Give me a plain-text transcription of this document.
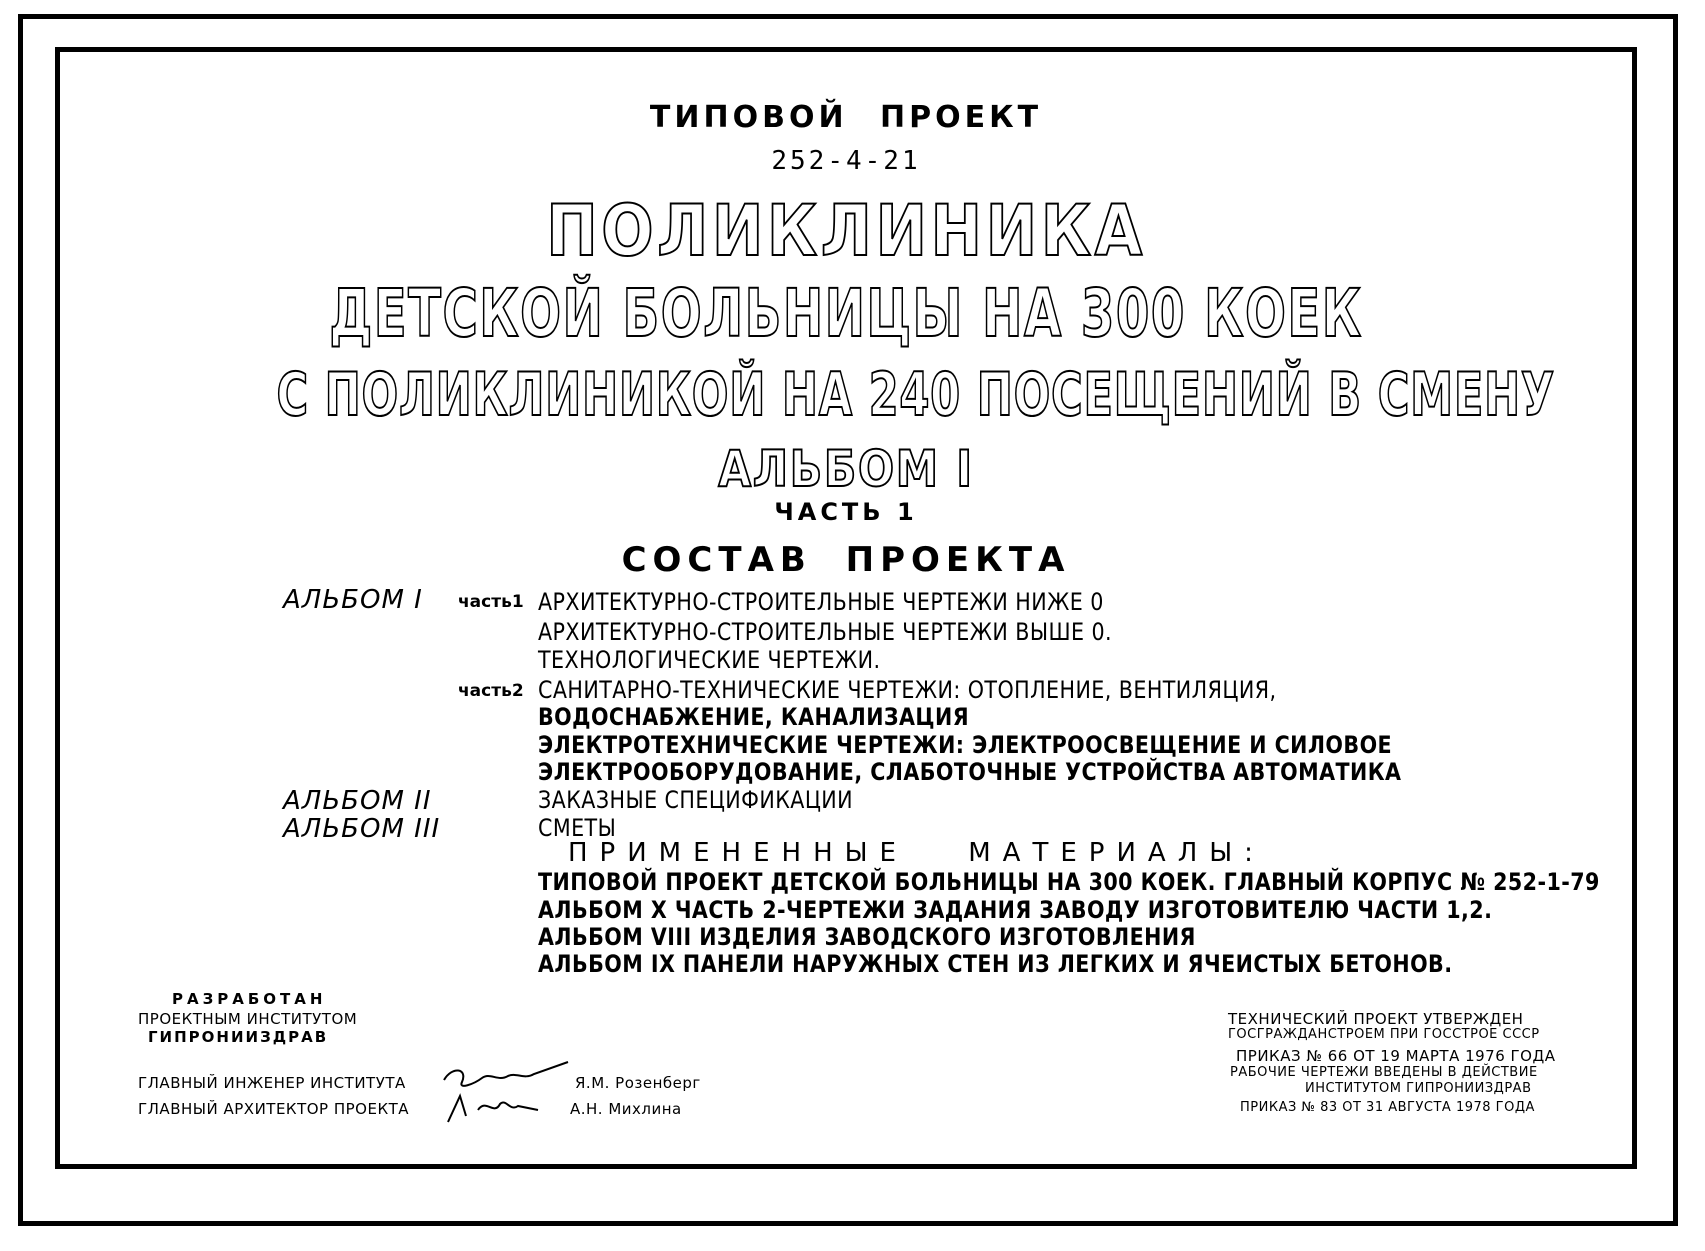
ТИПОВОЙ ПРОЕКТ
252-4-21
ПОЛИКЛИНИКА
ДЕТСКОЙ БОЛЬНИЦЫ НА 300 КОЕК
С ПОЛИКЛИНИКОЙ НА 240 ПОСЕЩЕНИЙ В СМЕНУ
АЛЬБОМ I
ЧАСТЬ 1
СОСТАВ ПРОЕКТА
АЛЬБОМ I часть1 АРХИТЕКТУРНО-СТРОИТЕЛЬНЫЕ ЧЕРТЕЖИ НИЖЕ 0
АРХИТЕКТУРНО-СТРОИТЕЛЬНЫЕ ЧЕРТЕЖИ ВЫШЕ 0.
ТЕХНОЛОГИЧЕСКИЕ ЧЕРТЕЖИ.
часть2 САНИТАРНО-ТЕХНИЧЕСКИЕ ЧЕРТЕЖИ: ОТОПЛЕНИЕ, ВЕНТИЛЯЦИЯ,
ВОДОСНАБЖЕНИЕ, КАНАЛИЗАЦИЯ
ЭЛЕКТРОТЕХНИЧЕСКИЕ ЧЕРТЕЖИ: ЭЛЕКТРООСВЕЩЕНИЕ И СИЛОВОЕ
ЭЛЕКТРООБОРУДОВАНИЕ, СЛАБОТОЧНЫЕ УСТРОЙСТВА АВТОМАТИКА
АЛЬБОМ II	ЗАКАЗНЫЕ СПЕЦИФИКАЦИИ
АЛЬБОМ III	СМЕТЫ
ПРИМЕНЕННЫЕ МАТЕРИАЛЫ:
ТИПОВОЙ ПРОЕКТ ДЕТСКОЙ БОЛЬНИЦЫ НА 300 КОЕК. ГЛАВНЫЙ КОРПУС № 252-1-79
АЛЬБОМ X ЧАСТЬ 2-ЧЕРТЕЖИ ЗАДАНИЯ ЗАВОДУ ИЗГОТОВИТЕЛЮ ЧАСТИ 1,2.
АЛЬБОМ VIII ИЗДЕЛИЯ ЗАВОДСКОГО ИЗГОТОВЛЕНИЯ
АЛЬБОМ IX ПАНЕЛИ НАРУЖНЫХ СТЕН ИЗ ЛЕГКИХ И ЯЧЕИСТЫХ БЕТОНОВ.
РАЗРАБОТАН
ПРОЕКТНЫМ ИНСТИТУТОМ
ГИПРОНИИЗДРАВ
ГЛАВНЫЙ ИНЖЕНЕР ИНСТИТУТА	Я.М. Розенберг
ГЛАВНЫЙ АРХИТЕКТОР ПРОЕКТА	А.Н. Михлина
ТЕХНИЧЕСКИЙ ПРОЕКТ УТВЕРЖДЕН
ГОСГРАЖДАНСТРОЕМ ПРИ ГОССТРОЕ СССР
ПРИКАЗ № 66 ОТ 19 МАРТА 1976 ГОДА
РАБОЧИЕ ЧЕРТЕЖИ ВВЕДЕНЫ В ДЕЙСТВИЕ
ИНСТИТУТОМ ГИПРОНИИЗДРАВ
ПРИКАЗ № 83 ОТ 31 АВГУСТА 1978 ГОДА
